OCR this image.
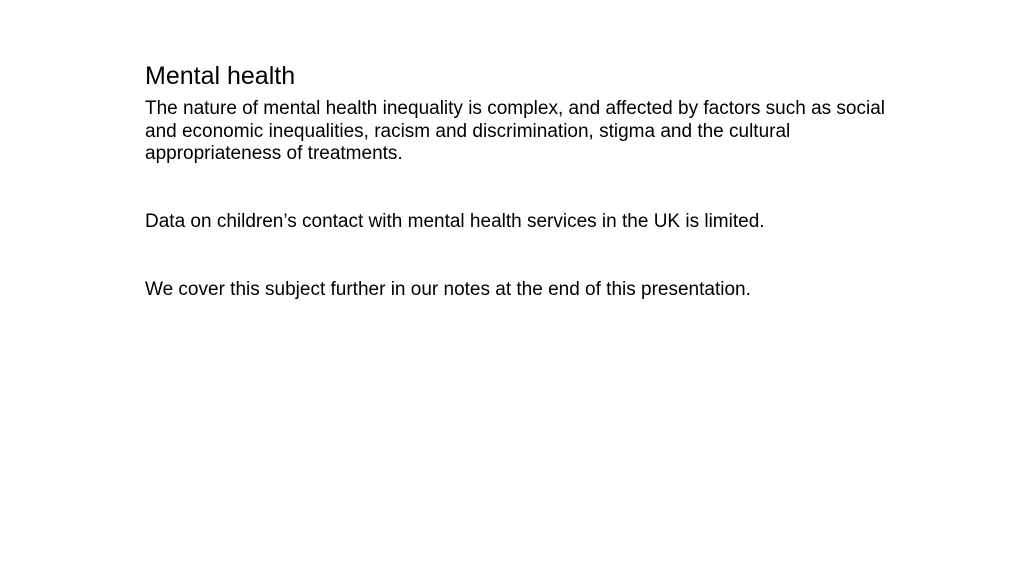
Mental health

The nature of mental health inequality is complex, and affected by factors such as social and economic inequalities, racism and discrimination, stigma and the cultural appropriateness of treatments.

Data on children’s contact with mental health services in the UK is limited.

We cover this subject further in our notes at the end of this presentation.
